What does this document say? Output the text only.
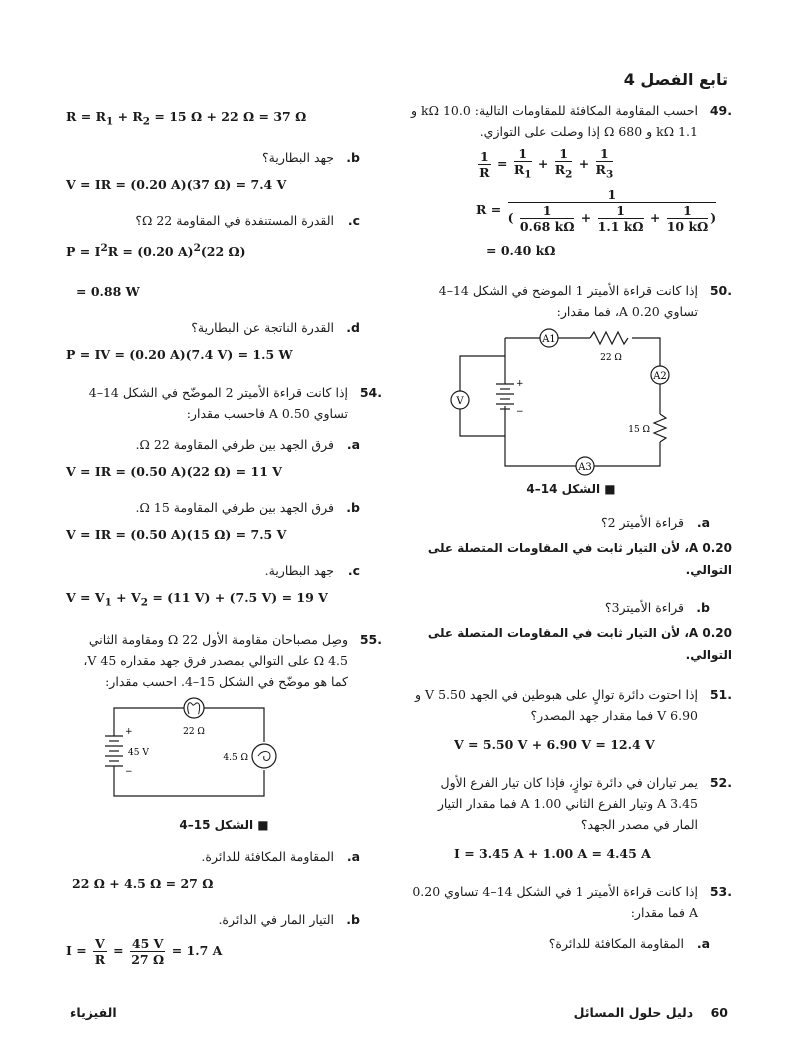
تابع الفصل 4
.49
احسب المقاومة المكافئة للمقاومات التالية: 10.0 kΩ و 1.1 kΩ و 680 Ω إذا وصلت على التوازي.
$\frac{1}{R} = \frac{1}{R_1} + \frac{1}{R_2} + \frac{1}{R_3}$
$R = \frac{1}{( \frac{1}{0.68 k\Omega} + \frac{1}{1.1 k\Omega} + \frac{1}{10 k\Omega} )}$
= 0.40 kΩ
.50
إذا كانت قراءة الأميتر 1 الموضح في الشكل 14–4 تساوي 0.20 A، فما مقدار:
+
−
A1
A2
A3
V
22 Ω
15 Ω
■ الشكل 14–4
a.
قراءة الأميتر 2؟
0.20 A، لأن التيار ثابت في المقاومات المتصلة على التوالي.
b.
قراءة الأميتر3؟
0.20 A، لأن التيار ثابت في المقاومات المتصلة على التوالي.
.51
إذا احتوت دائرة توالٍ على هبوطين في الجهد 5.50 V و 6.90 V فما مقدار جهد المصدر؟
V = 5.50 V + 6.90 V = 12.4 V
.52
يمر تياران في دائرة توازٍ، فإذا كان تيار الفرع الأول 3.45 A وتيار الفرع الثاني 1.00 A فما مقدار التيار المار في مصدر الجهد؟
I = 3.45 A + 1.00 A = 4.45 A
.53
إذا كانت قراءة الأميتر 1 في الشكل 14–4 تساوي 0.20 A فما مقدار:
a.
المقاومة المكافئة للدائرة؟
$R = R_1 + R_2 = 15$ Ω + 22 Ω = 37 Ω
b.
جهد البطارية؟
V = IR = (0.20 A)(37 Ω) = 7.4 V
c.
القدرة المستنفدة في المقاومة 22 Ω؟
$P = I^2R = (0.20$ A)$^2$(22 Ω)
= 0.88 W
d.
القدرة الناتجة عن البطارية؟
P = IV = (0.20 A)(7.4 V) = 1.5 W
.54
إذا كانت قراءة الأميتر 2 الموضّح في الشكل 14–4 تساوي 0.50 A فاحسب مقدار:
a.
فرق الجهد بين طرفي المقاومة 22 Ω.
V = IR = (0.50 A)(22 Ω) = 11 V
b.
فرق الجهد بين طرفي المقاومة 15 Ω.
V = IR = (0.50 A)(15 Ω) = 7.5 V
c.
جهد البطارية.
$V = V_1 + V_2 = (11$ V) + (7.5 V) = 19 V
.55
وصِل مصباحان مقاومة الأول 22 Ω ومقاومة الثاني 4.5 Ω على التوالي بمصدر فرق جهد مقداره 45 V، كما هو موضّح في الشكل 15–4. احسب مقدار:
+
−
22 Ω
4.5 Ω
45 V
■ الشكل 15–4
a.
المقاومة المكافئة للدائرة.
22 Ω + 4.5 Ω = 27 Ω
b.
التيار المار في الدائرة.
$I = \frac{V}{R} = \frac{45 V}{27 \Omega} = 1.7$ A
60    دليل حلول المسائل
الفيزياء
